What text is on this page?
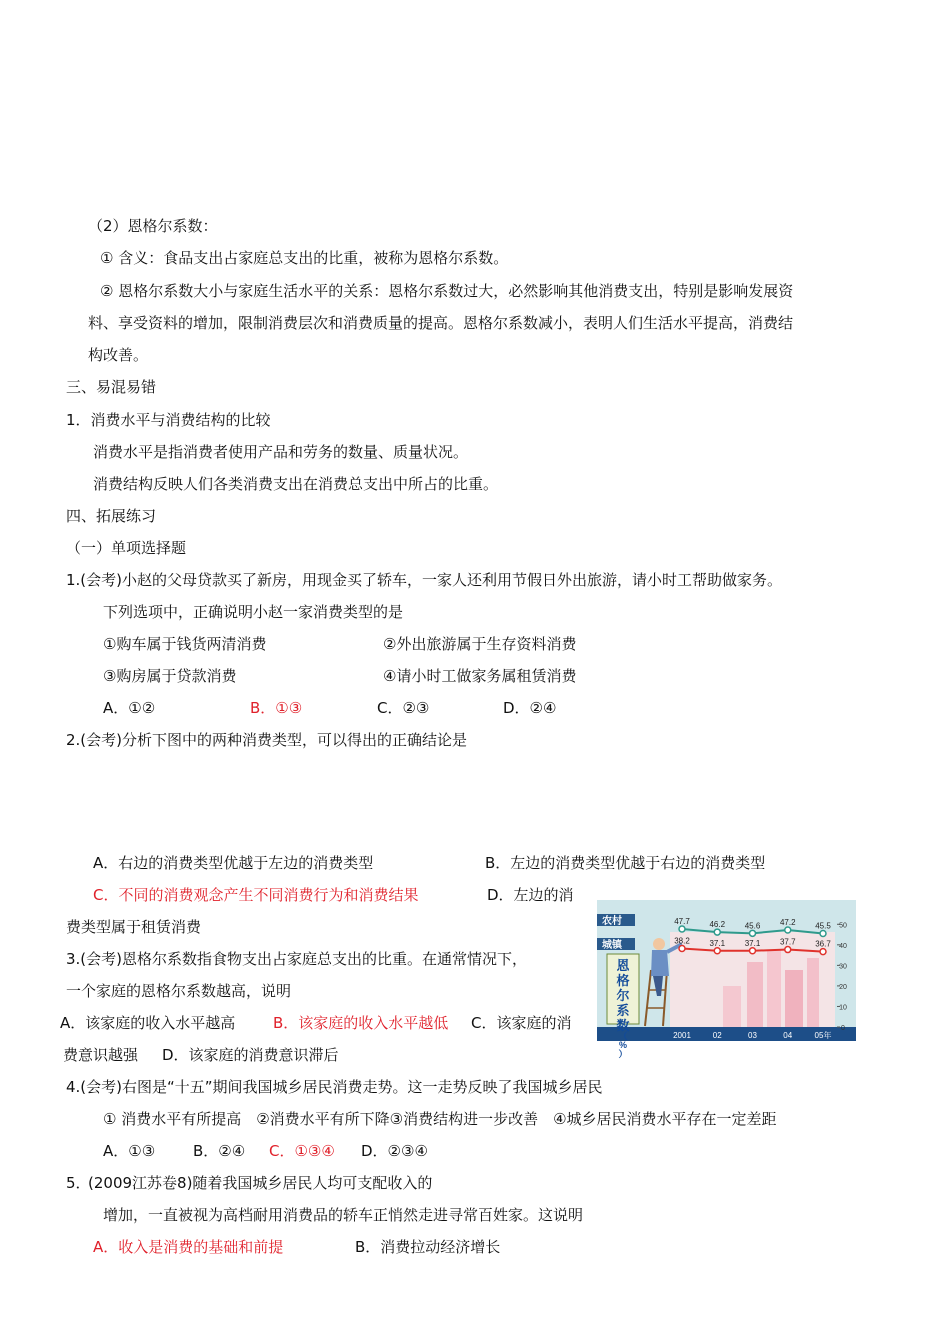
（2）恩格尔系数：
① 含义：食品支出占家庭总支出的比重，被称为恩格尔系数。
② 恩格尔系数大小与家庭生活水平的关系：恩格尔系数过大，必然影响其他消费支出，特别是影响发展资
料、享受资料的增加，限制消费层次和消费质量的提高。恩格尔系数减小，表明人们生活水平提高，消费结
构改善。
三、易混易错
1．消费水平与消费结构的比较
消费水平是指消费者使用产品和劳务的数量、质量状况。
消费结构反映人们各类消费支出在消费总支出中所占的比重。
四、拓展练习
（一）单项选择题
1.(会考)小赵的父母贷款买了新房，用现金买了轿车，一家人还利用节假日外出旅游，请小时工帮助做家务。
下列选项中，正确说明小赵一家消费类型的是
①购车属于钱货两清消费	②外出旅游属于生存资料消费
③购房属于贷款消费	④请小时工做家务属租赁消费
A．①②	B．①③	C．②③	D．②④
2.(会考)分析下图中的两种消费类型，可以得出的正确结论是
A．右边的消费类型优越于左边的消费类型	B．左边的消费类型优越于右边的消费类型
C．不同的消费观念产生不同消费行为和消费结果	D．左边的消
费类型属于租赁消费
3.(会考)恩格尔系数指食物支出占家庭总支出的比重。在通常情况下，
一个家庭的恩格尔系数越高，说明
A．该家庭的收入水平越高	B．该家庭的收入水平越低 C．该家庭的消
费意识越强 D．该家庭的消费意识滞后
4.(会考)右图是“十五”期间我国城乡居民消费走势。这一走势反映了我国城乡居民
① 消费水平有所提高　②消费水平有所下降③消费结构进一步改善　④城乡居民消费水平存在一定差距
A．①③	B．②④ C．①③④ D．②③④
5．
(2009江苏卷8)随着我国城乡居民人均可支配收入的
增加，一直被视为高档耐用消费品的轿车正悄然走进寻常百姓家。这说明
A．收入是消费的基础和前提	B．消费拉动经济增长
农村
城镇
恩格尔系数（%）
0
10
20
30
40
50
2001	02	03	04	05年
47.7 46.2 45.6 47.2 45.5
38.2 37.1 37.1 37.7 36.7
